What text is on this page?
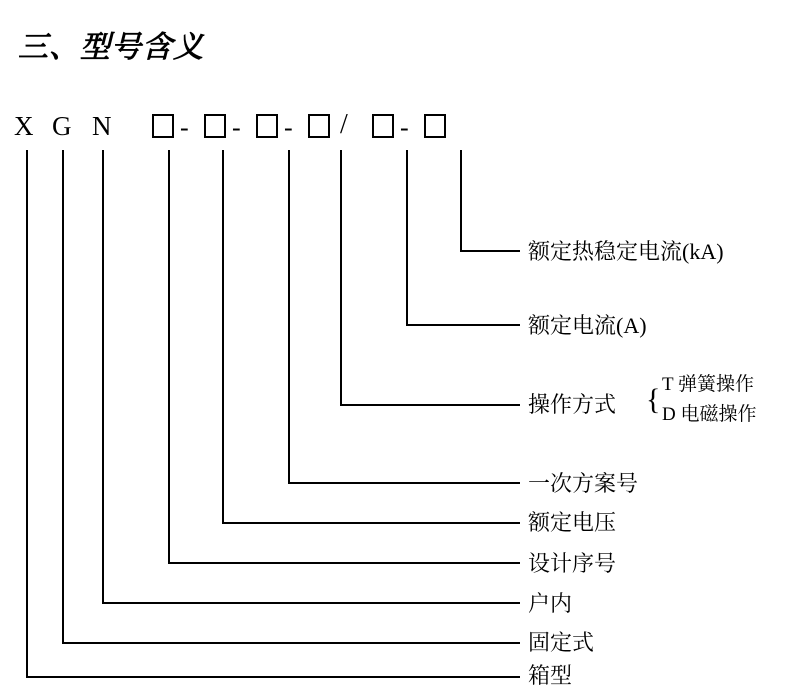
三、型号含义
X G N	- - - / -
额定热稳定电流(kA)
额定电流(A)
操作方式 { T 弹簧操作
D 电磁操作
一次方案号
额定电压
设计序号
户内
固定式
箱型
